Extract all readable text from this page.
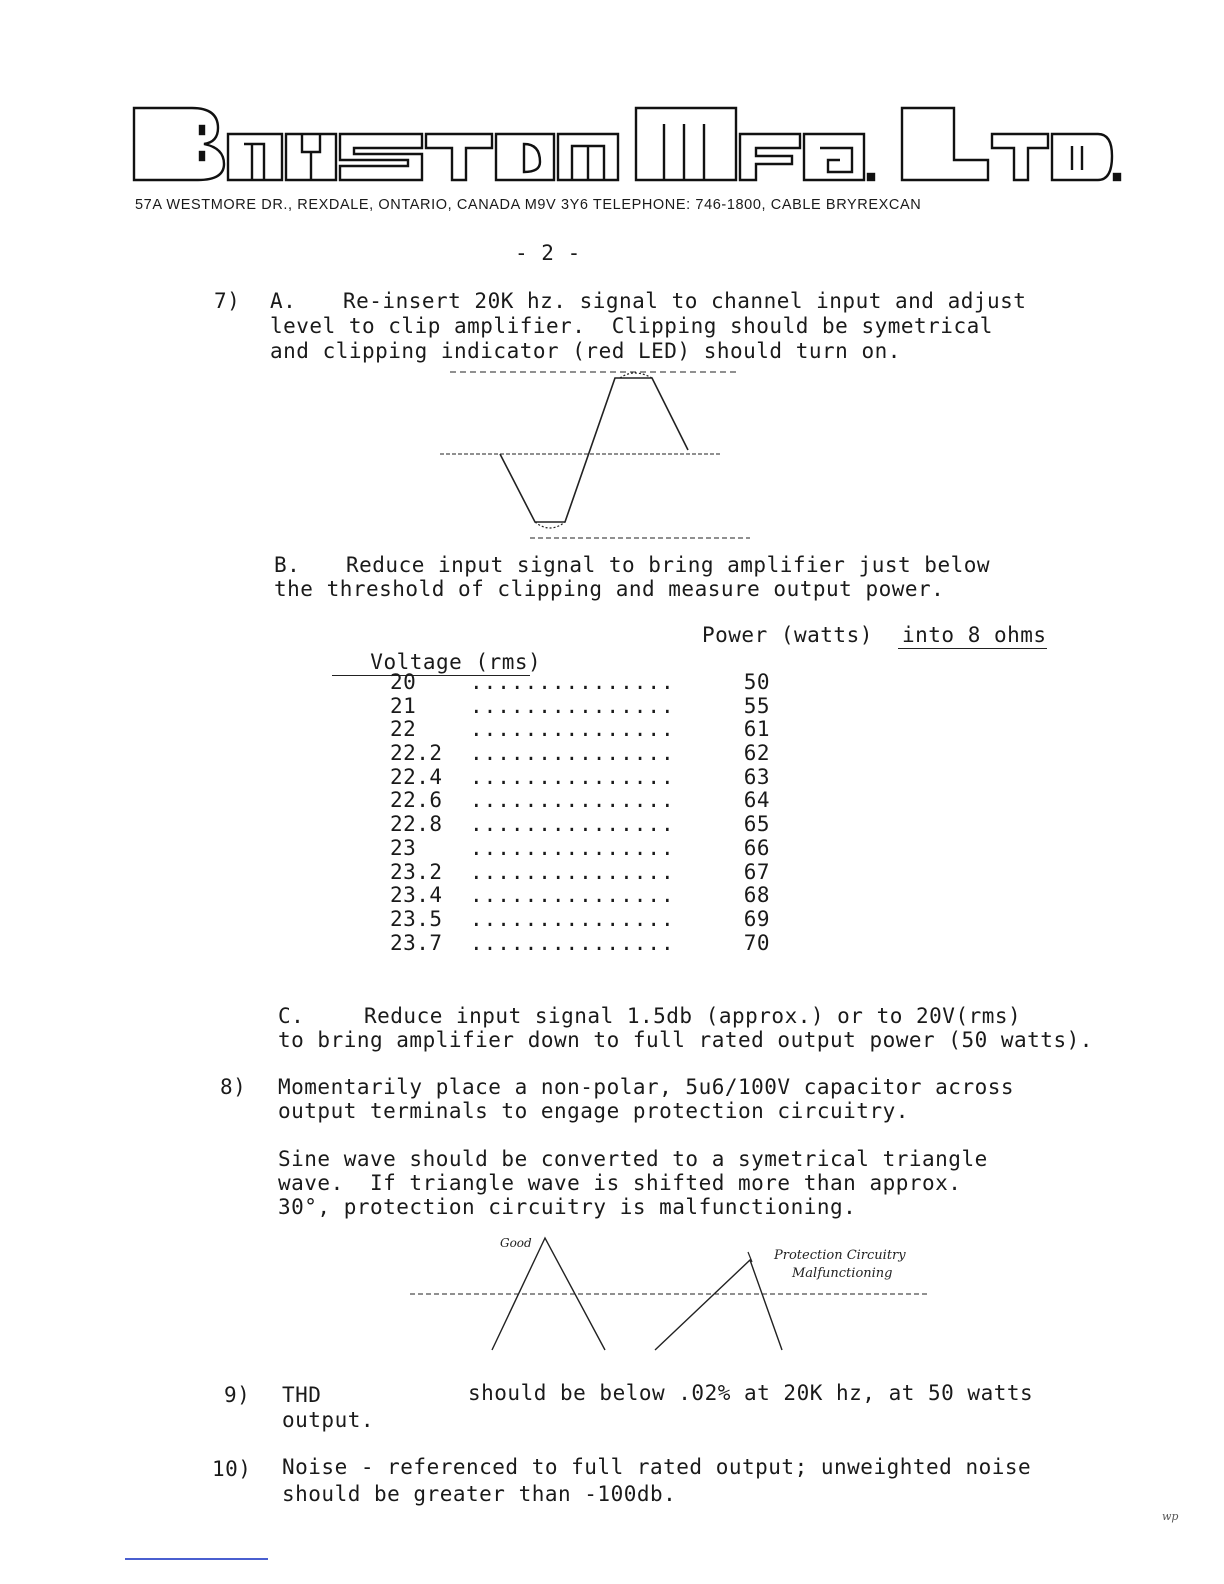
57A WESTMORE DR., REXDALE, ONTARIO, CANADA M9V 3Y6 TELEPHONE: 746-1800, CABLE BRYREXCAN
- 2 -
7) A. Re-insert 20K hz. signal to channel input and adjust
level to clip amplifier.  Clipping should be symetrical
and clipping indicator (red LED) should turn on.
B. Reduce input signal to bring amplifier just below
the threshold of clipping and measure output power.

Voltage (rms)

Power (watts) into 8 ohms
20	...............	50
21	...............	55
22	...............	61
22.2 ...............	62
22.4 ...............	63
22.6 ...............	64
22.8 ...............	65
23	...............	66
23.2 ...............	67
23.4 ...............	68
23.5 ...............	69
23.7 ...............	70
C.	Reduce input signal 1.5db (approx.) or to 20V(rms)
to bring amplifier down to full rated output power (50 watts).
8) Momentarily place a non-polar, 5u6/100V capacitor across
output terminals to engage protection circuitry.
Sine wave should be converted to a symetrical triangle
wave.  If triangle wave is shifted more than approx.
30°, protection circuitry is malfunctioning.
Good
Protection Circuitry
Malfunctioning
9) THD	should be below .02% at 20K hz, at 50 watts
output.
10) Noise - referenced to full rated output; unweighted noise
should be greater than -100db.
wp
